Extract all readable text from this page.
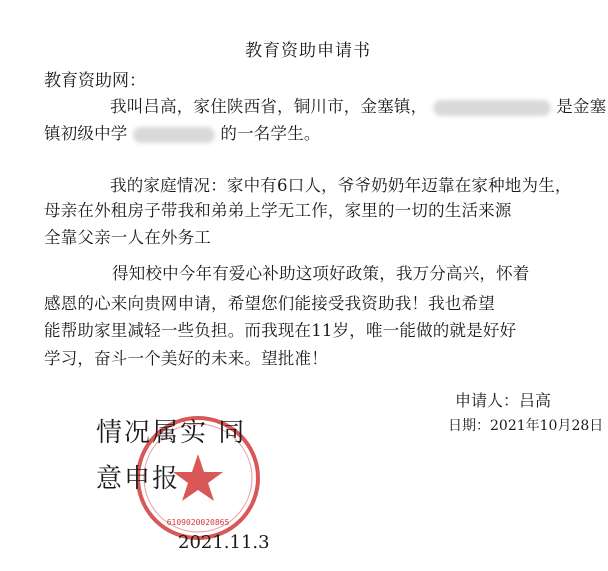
教育资助申请书
教育资助网：
我叫吕高，家住陕西省，铜川市，金塞镇，	是金塞
镇初级中学	的一名学生。
我的家庭情况：家中有6口人，爷爷奶奶年迈靠在家种地为生，
母亲在外租房子带我和弟弟上学无工作，家里的一切的生活来源
全靠父亲一人在外务工
得知校中今年有爱心补助这项好政策，我万分高兴，怀着
感恩的心来向贵网申请，希望您们能接受我资助我！我也希望
能帮助家里减轻一些负担。而我现在11岁，唯一能做的就是好好
学习，奋斗一个美好的未来。望批准！
申请人：吕高
日期：2021年10月28日
6109020020865
情况属实 同意申报
2021.11.3
